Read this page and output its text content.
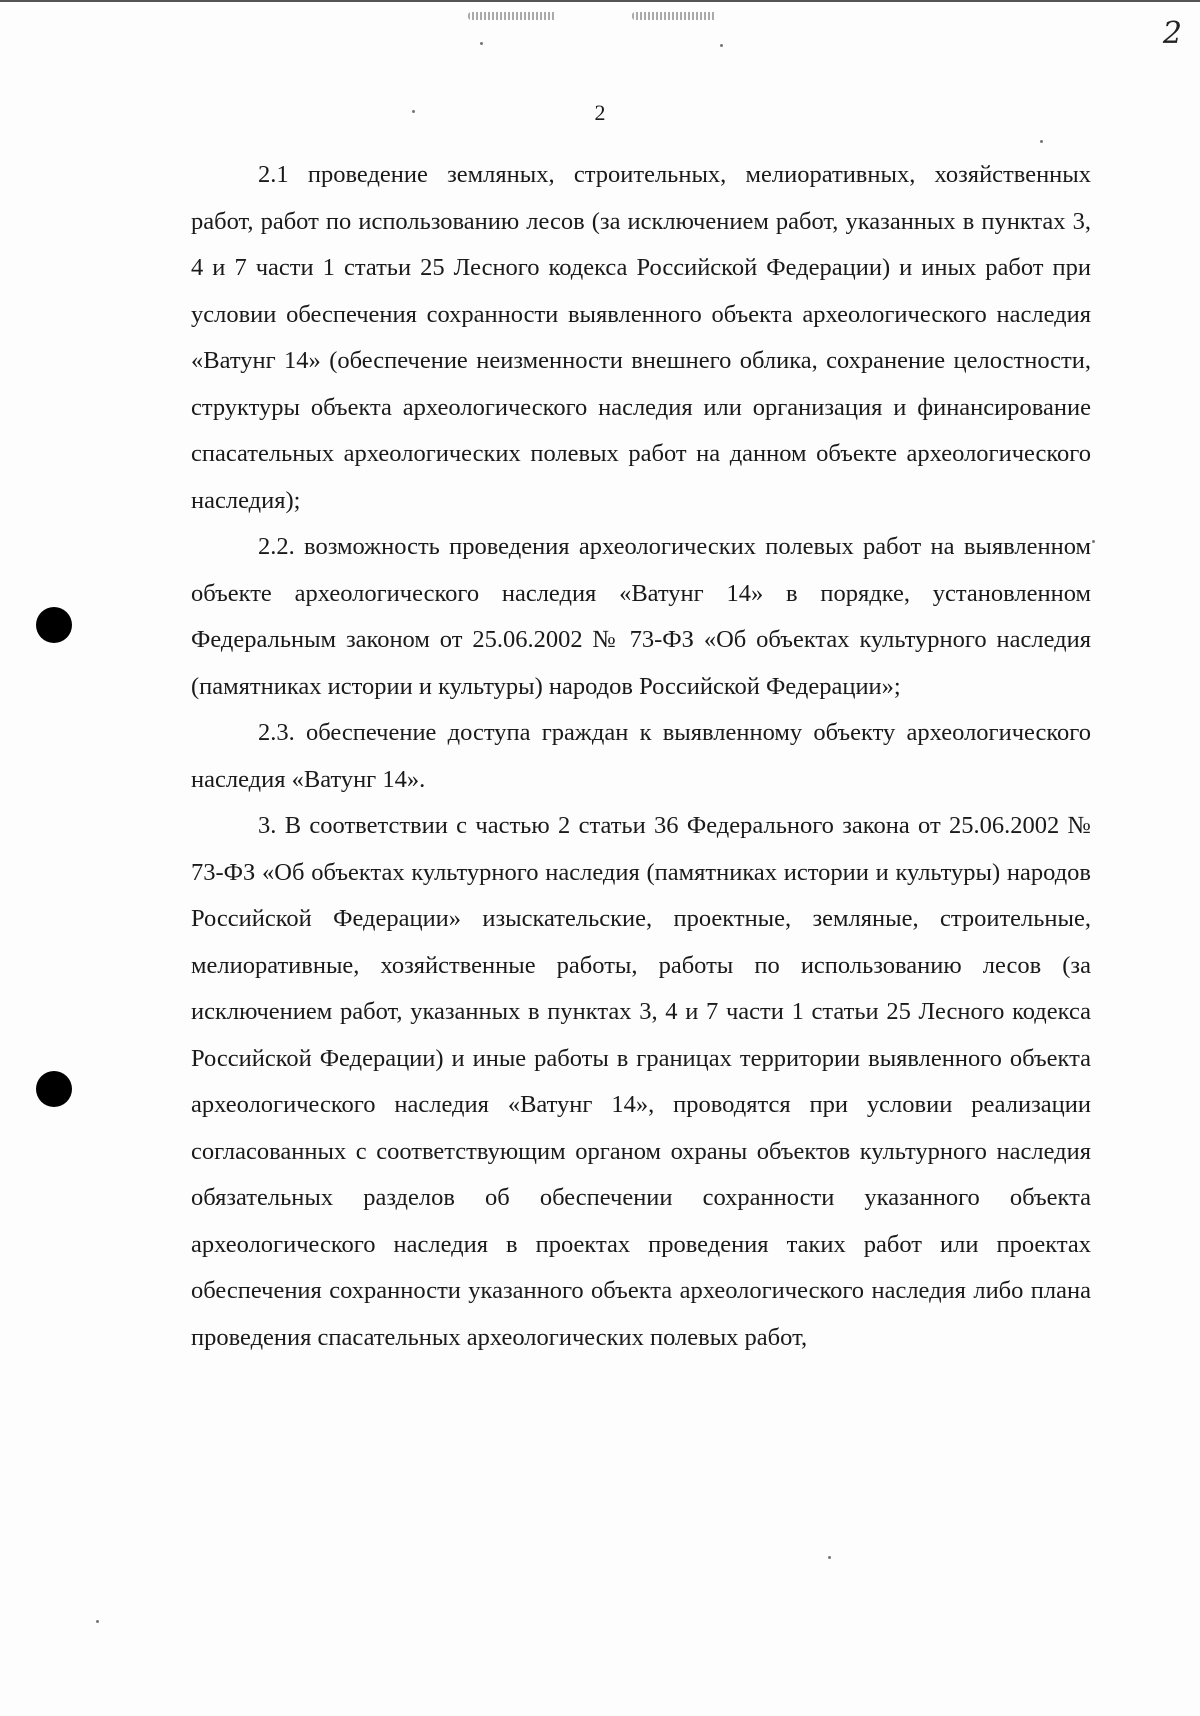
2
2

2.1 проведение земляных, строительных, мелиоративных, хозяйственных работ, работ по использованию лесов (за исключением работ, указанных в пунктах 3, 4 и 7 части 1 статьи 25 Лесного кодекса Российской Федерации) и иных работ при условии обеспечения сохранности выявленного объекта археологического наследия «Ватунг 14» (обеспечение неизменности внешнего облика, сохранение целостности, структуры объекта археологического наследия или организация и финансирование спасательных археологических полевых работ на данном объекте археологического наследия);

2.2. возможность проведения археологических полевых работ на выявленном объекте археологического наследия «Ватунг 14» в порядке, установленном Федеральным законом от 25.06.2002 № 73-ФЗ «Об объектах культурного наследия (памятниках истории и культуры) народов Российской Федерации»;

2.3. обеспечение доступа граждан к выявленному объекту археологического наследия «Ватунг 14».

3. В соответствии с частью 2 статьи 36 Федерального закона от 25.06.2002 № 73-ФЗ «Об объектах культурного наследия (памятниках истории и культуры) народов Российской Федерации» изыскательские, проектные, земляные, строительные, мелиоративные, хозяйственные работы, работы по использованию лесов (за исключением работ, указанных в пунктах 3, 4 и 7 части 1 статьи 25 Лесного кодекса Российской Федерации) и иные работы в границах территории выявленного объекта археологического наследия «Ватунг 14», проводятся при условии реализации согласованных с соответствующим органом охраны объектов культурного наследия обязательных разделов об обеспечении сохранности указанного объекта археологического наследия в проектах проведения таких работ или проектах обеспечения сохранности указанного объекта археологического наследия либо плана проведения спасательных археологических полевых работ,
